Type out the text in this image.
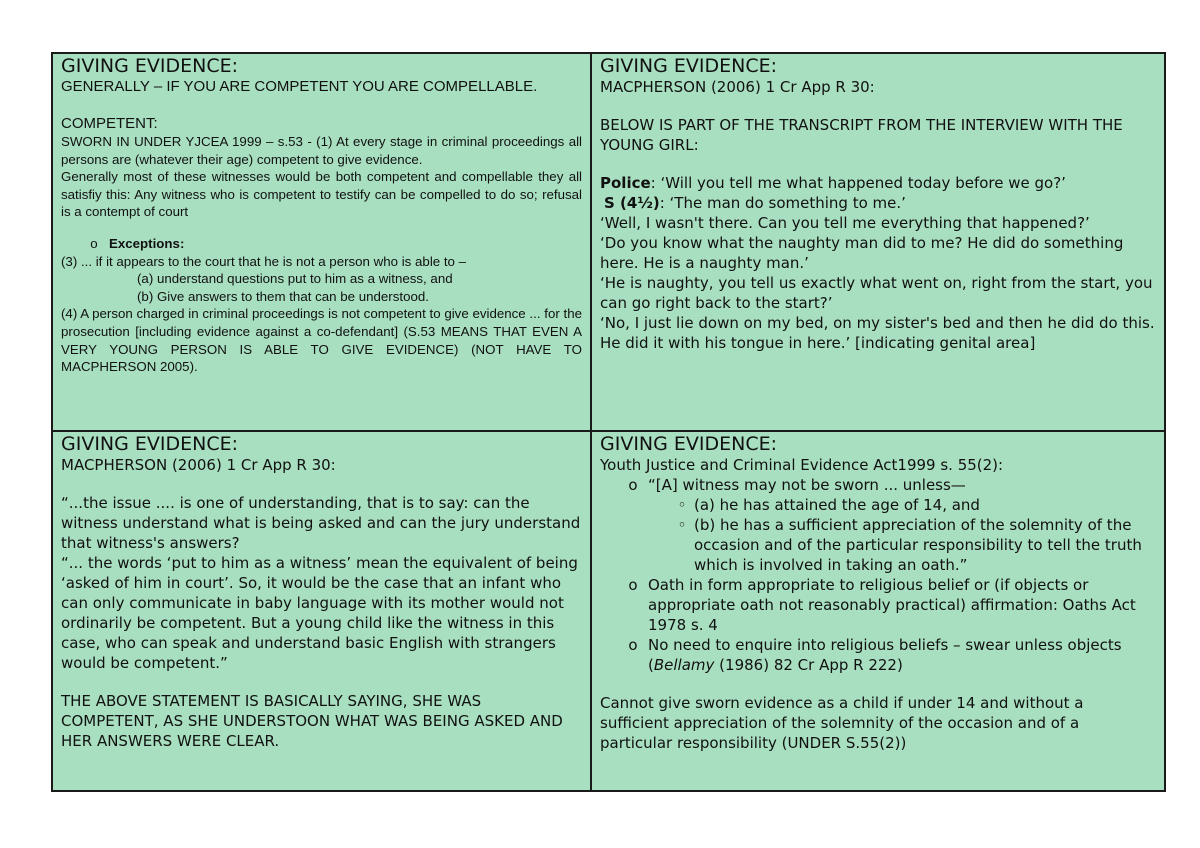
GIVING EVIDENCE:

GENERALLY – IF YOU ARE COMPETENT YOU ARE COMPELLABLE.

COMPETENT:

SWORN IN UNDER YJCEA 1999 – s.53 - (1) At every stage in criminal proceedings all persons are (whatever their age) competent to give evidence.

Generally most of these witnesses would be both competent and compellable they all satisfiy this: Any witness who is competent to testify can be compelled to do so; refusal is a contempt of court

o Exceptions:

(3) ... if it appears to the court that he is not a person who is able to –

(a) understand questions put to him as a witness, and

(b) Give answers to them that can be understood.

(4) A person charged in criminal proceedings is not competent to give evidence ... for the prosecution [including evidence against a co-defendant] (S.53 MEANS THAT EVEN A VERY YOUNG PERSON IS ABLE TO GIVE EVIDENCE) (NOT HAVE TO MACPHERSON 2005).

GIVING EVIDENCE:

MACPHERSON (2006) 1 Cr App R 30:

BELOW IS PART OF THE TRANSCRIPT FROM THE INTERVIEW WITH THE YOUNG GIRL:

Police: ‘Will you tell me what happened today before we go?’

S (4½): ‘The man do something to me.’

‘Well, I wasn't there. Can you tell me everything that happened?’

‘Do you know what the naughty man did to me? He did do something here. He is a naughty man.’

‘He is naughty, you tell us exactly what went on, right from the start, you can go right back to the start?’

‘No, I just lie down on my bed, on my sister's bed and then he did do this. He did it with his tongue in here.’ [indicating genital area]

GIVING EVIDENCE:

MACPHERSON (2006) 1 Cr App R 30:

“...the issue .... is one of understanding, that is to say: can the witness understand what is being asked and can the jury understand that witness's answers?

“... the words ‘put to him as a witness’ mean the equivalent of being ‘asked of him in court’. So, it would be the case that an infant who can only communicate in baby language with its mother would not ordinarily be competent. But a young child like the witness in this case, who can speak and understand basic English with strangers would be competent.”

THE ABOVE STATEMENT IS BASICALLY SAYING, SHE WAS COMPETENT, AS SHE UNDERSTOON WHAT WAS BEING ASKED AND HER ANSWERS WERE CLEAR.

GIVING EVIDENCE:

Youth Justice and Criminal Evidence Act1999 s. 55(2):

o “[A] witness may not be sworn ... unless—
◦ (a) he has attained the age of 14, and
◦ (b) he has a sufficient appreciation of the solemnity of the occasion and of the particular responsibility to tell the truth which is involved in taking an oath.”
o Oath in form appropriate to religious belief or (if objects or appropriate oath not reasonably practical) affirmation: Oaths Act 1978 s. 4
o No need to enquire into religious beliefs – swear unless objects (Bellamy (1986) 82 Cr App R 222)

Cannot give sworn evidence as a child if under 14 and without a sufficient appreciation of the solemnity of the occasion and of a particular responsibility (UNDER S.55(2))
